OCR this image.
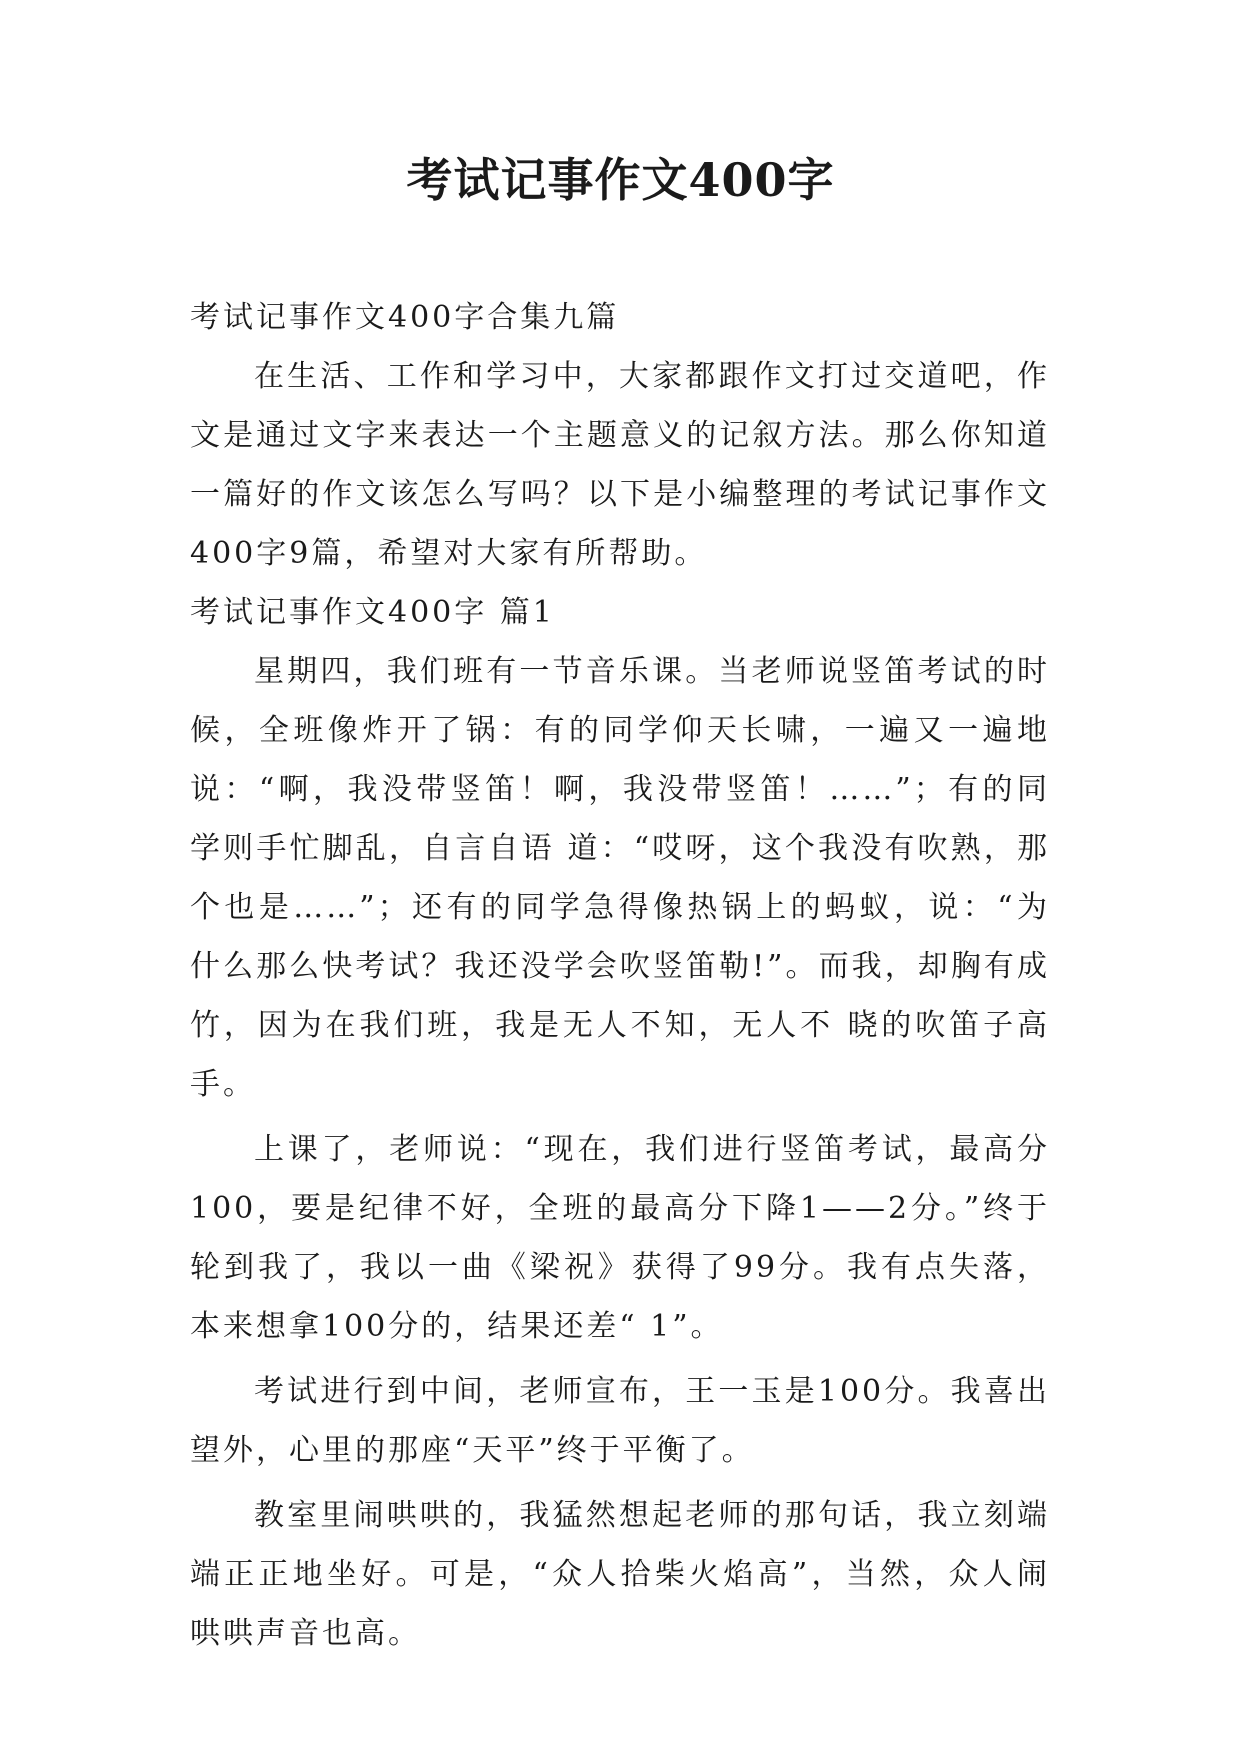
考试记事作文400字

考试记事作文400字合集九篇

在生活、工作和学习中，大家都跟作文打过交道吧，作文是通过文字来表达一个主题意义的记叙方法。那么你知道一篇好的作文该怎么写吗？以下是小编整理的考试记事作文400字9篇，希望对大家有所帮助。

考试记事作文400字 篇1

星期四，我们班有一节音乐课。当老师说竖笛考试的时候，全班像炸开了锅：有的同学仰天长啸，一遍又一遍地说：“啊，我没带竖笛！啊，我没带竖笛！……”；有的同学则手忙脚乱，自言自语 道：“哎呀，这个我没有吹熟，那个也是……”；还有的同学急得像热锅上的蚂蚁，说：“为什么那么快考试？我还没学会吹竖笛勒!”。而我，却胸有成竹，因为在我们班，我是无人不知，无人不 晓的吹笛子高手。

上课了，老师说：“现在，我们进行竖笛考试，最高分100，要是纪律不好，全班的最高分下降1——2分。”终于轮到我了，我以一曲《梁祝》获得了99分。我有点失落，本来想拿100分的，结果还差“ 1”。

考试进行到中间，老师宣布，王一玉是100分。我喜出望外，心里的那座“天平”终于平衡了。

教室里闹哄哄的，我猛然想起老师的那句话，我立刻端端正正地坐好。可是，“众人拾柴火焰高”，当然，众人闹哄哄声音也高。
